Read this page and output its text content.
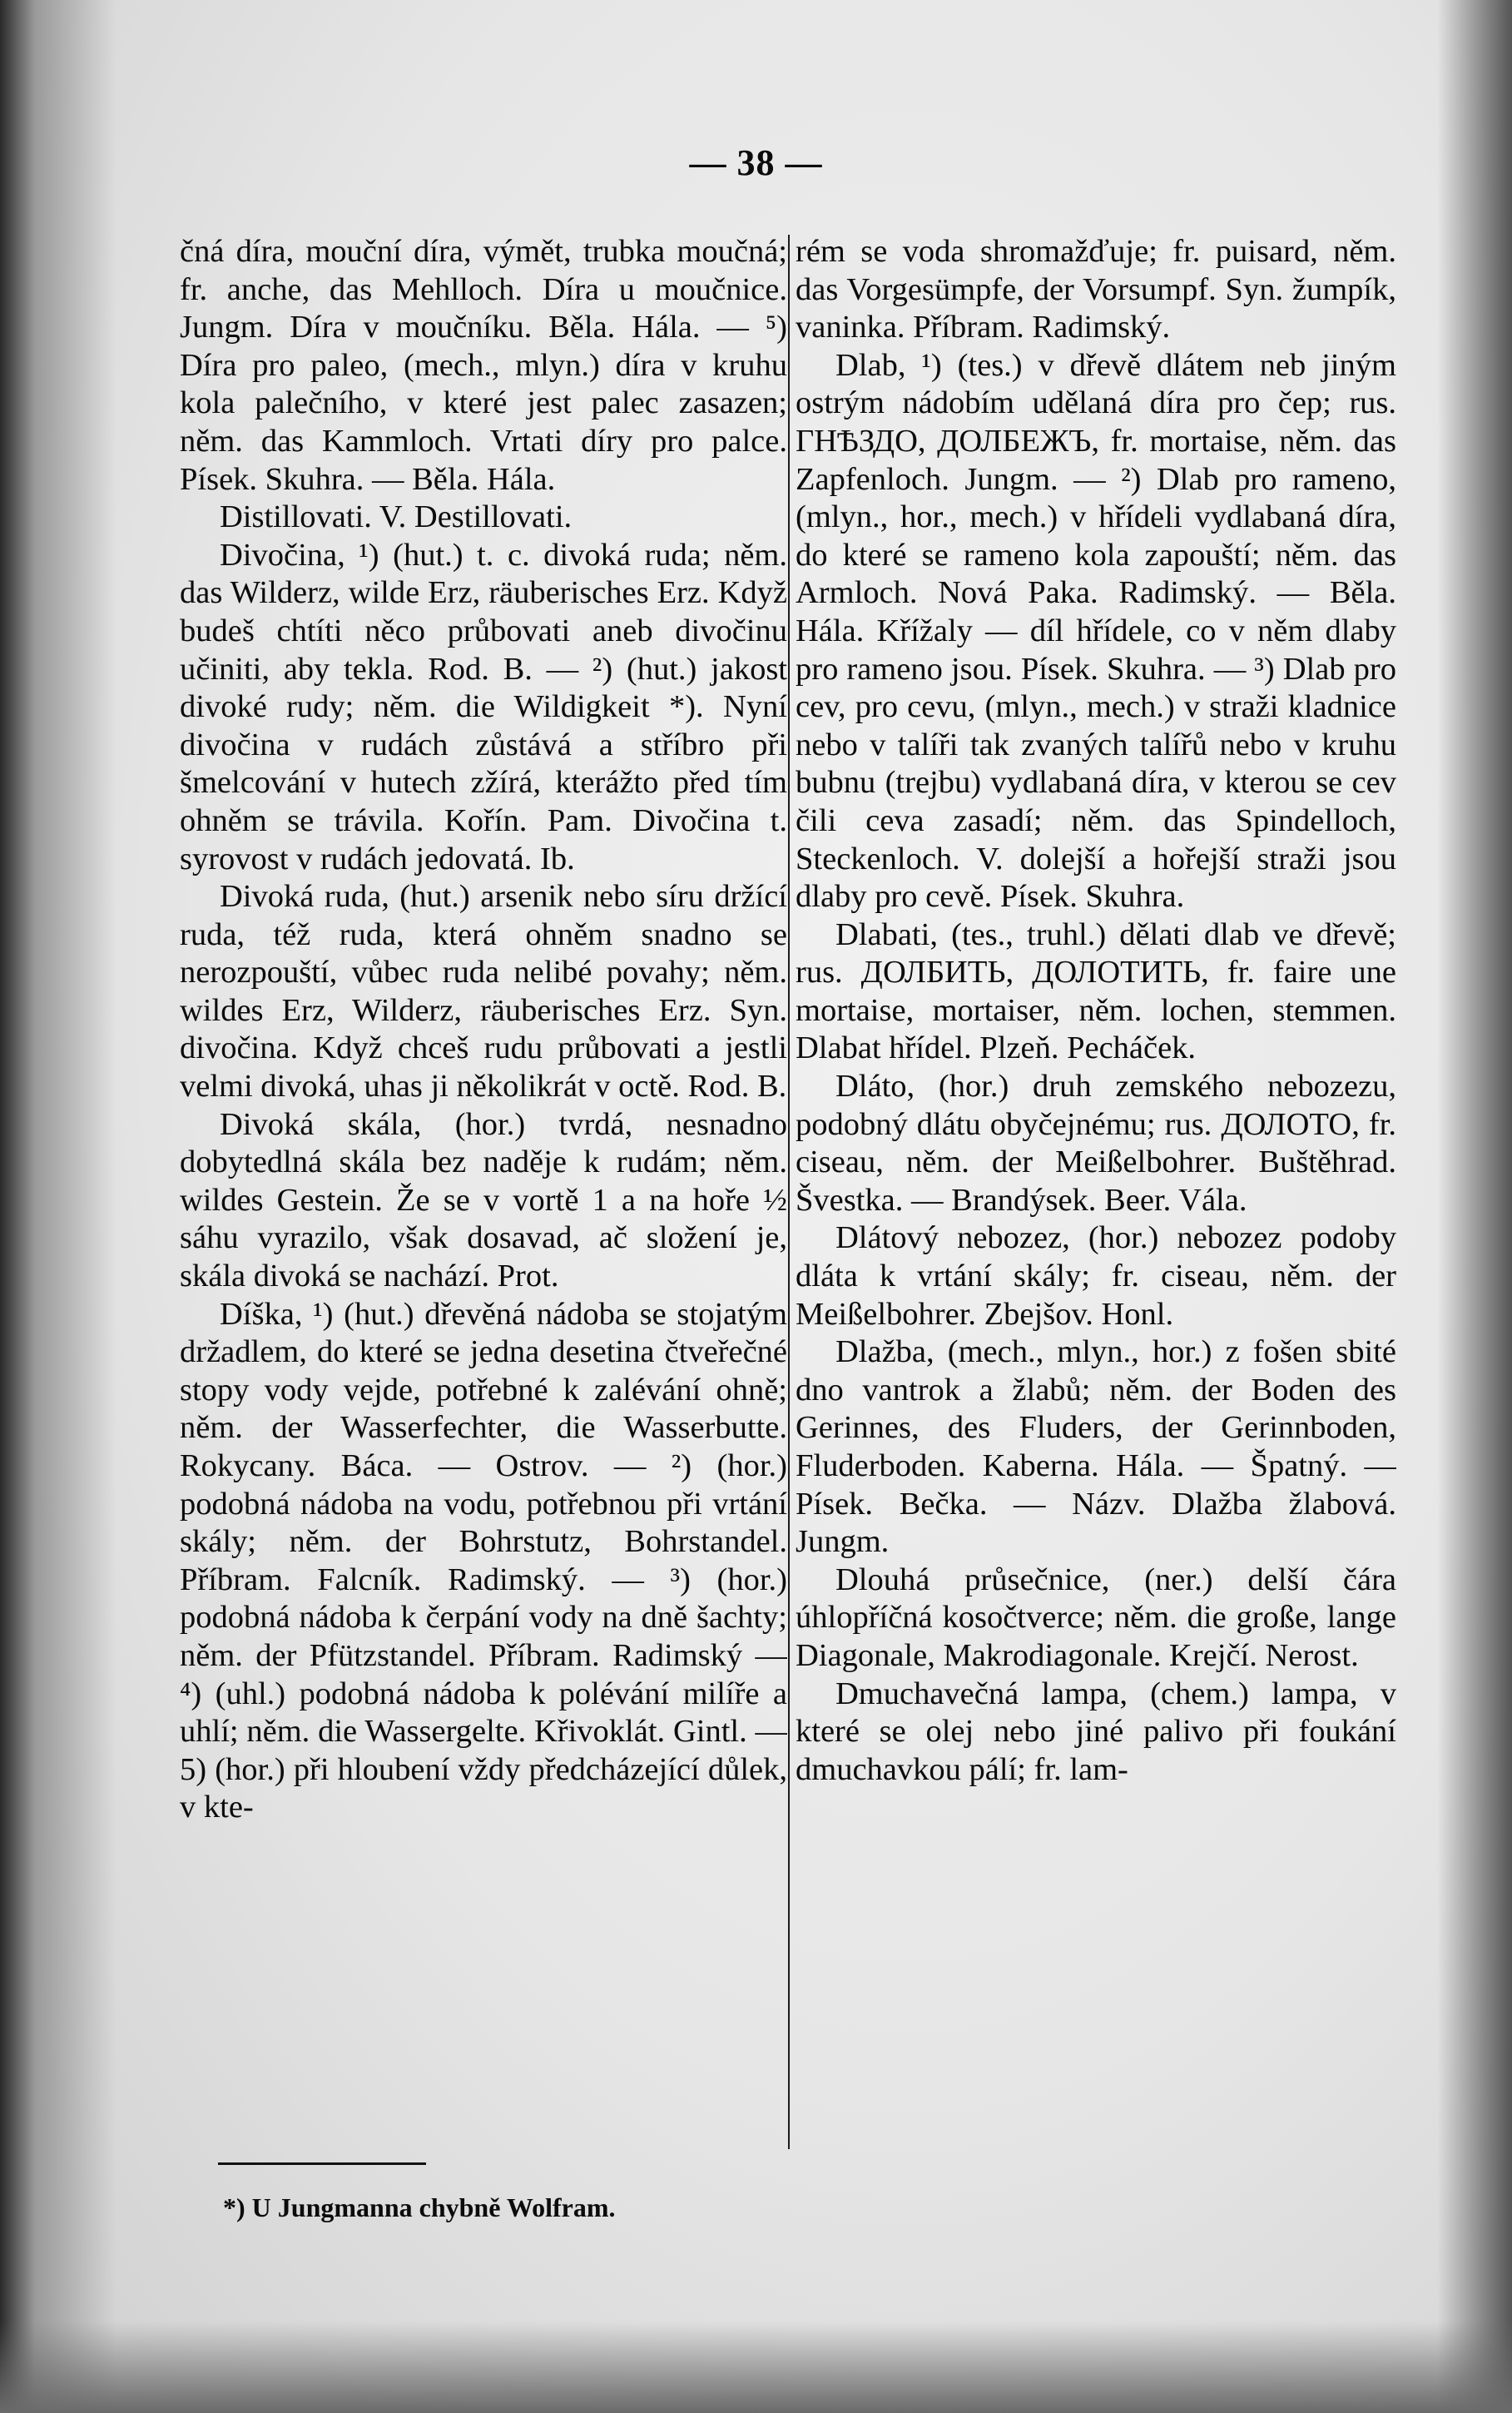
— 38 —

čná díra, mouční díra, výmět, trubka moučná; fr. anche, das Mehlloch. Díra u moučnice. Jungm. Díra v moučníku. Běla. Hála. — ⁵) Díra pro paleo, (mech., mlyn.) díra v kruhu kola palečního, v které jest palec zasazen; něm. das Kammloch. Vrtati díry pro palce. Písek. Skuhra. — Běla. Hála.

Distillovati. V. Destillovati.

Divočina, ¹) (hut.) t. c. divoká ruda; něm. das Wilderz, wilde Erz, räuberisches Erz. Když budeš chtíti něco průbovati aneb divočinu učiniti, aby tekla. Rod. B. — ²) (hut.) jakost divoké rudy; něm. die Wildigkeit *). Nyní divočina v rudách zůstává a stříbro při šmelcování v hutech zžírá, kterážto před tím ohněm se trávila. Kořín. Pam. Divočina t. syrovost v rudách jedovatá. Ib.

Divoká ruda, (hut.) arsenik nebo síru držící ruda, též ruda, která ohněm snadno se nerozpouští, vůbec ruda nelibé povahy; něm. wildes Erz, Wilderz, räuberisches Erz. Syn. divočina. Když chceš rudu průbovati a jestli velmi divoká, uhas ji několikrát v octě. Rod. B.

Divoká skála, (hor.) tvrdá, nesnadno dobytedlná skála bez naděje k rudám; něm. wildes Gestein. Že se v vortě 1 a na hoře ½ sáhu vyrazilo, však dosavad, ač složení je, skála divoká se nachází. Prot.

Díška, ¹) (hut.) dřevěná nádoba se stojatým držadlem, do které se jedna desetina čtveřečné stopy vody vejde, potřebné k zalévání ohně; něm. der Wasserfechter, die Wasserbutte. Rokycany. Báca. — Ostrov. — ²) (hor.) podobná nádoba na vodu, potřebnou při vrtání skály; něm. der Bohrstutz, Bohrstandel. Příbram. Falcník. Radimský. — ³) (hor.) podobná nádoba k čerpání vody na dně šachty; něm. der Pfützstandel. Příbram. Radimský — ⁴) (uhl.) podobná nádoba k polévání milíře a uhlí; něm. die Wassergelte. Křivoklát. Gintl. — 5) (hor.) při hloubení vždy předcházející důlek, v kte-

rém se voda shromažďuje; fr. puisard, něm. das Vorgesümpfe, der Vorsumpf. Syn. žumpík, vaninka. Příbram. Radimský.

Dlab, ¹) (tes.) v dřevě dlátem neb jiným ostrým nádobím udělaná díra pro čep; rus. ГНѢЗДО, ДОЛБЕЖЪ, fr. mortaise, něm. das Zapfenloch. Jungm. — ²) Dlab pro rameno, (mlyn., hor., mech.) v hřídeli vydlabaná díra, do které se rameno kola zapouští; něm. das Armloch. Nová Paka. Radimský. — Běla. Hála. Křížaly — díl hřídele, co v něm dlaby pro rameno jsou. Písek. Skuhra. — ³) Dlab pro cev, pro cevu, (mlyn., mech.) v straži kladnice nebo v talíři tak zvaných talířů nebo v kruhu bubnu (trejbu) vydlabaná díra, v kterou se cev čili ceva zasadí; něm. das Spindelloch, Steckenloch. V. dolejší a hořejší straži jsou dlaby pro cevě. Písek. Skuhra.

Dlabati, (tes., truhl.) dělati dlab ve dřevě; rus. ДОЛБИТЬ, ДОЛОТИТЬ, fr. faire une mortaise, mortaiser, něm. lochen, stemmen. Dlabat hřídel. Plzeň. Pecháček.

Dláto, (hor.) druh zemského nebozezu, podobný dlátu obyčejnému; rus. ДОЛОТО, fr. ciseau, něm. der Meißelbohrer. Buštěhrad. Švestka. — Brandýsek. Beer. Vála.

Dlátový nebozez, (hor.) nebozez podoby dláta k vrtání skály; fr. ciseau, něm. der Meißelbohrer. Zbejšov. Honl.

Dlažba, (mech., mlyn., hor.) z fošen sbité dno vantrok a žlabů; něm. der Boden des Gerinnes, des Fluders, der Gerinnboden, Fluderboden. Kaberna. Hála. — Špatný. — Písek. Bečka. — Názv. Dlažba žlabová. Jungm.

Dlouhá průsečnice, (ner.) delší čára úhlopříčná kosočtverce; něm. die große, lange Diagonale, Makrodiagonale. Krejčí. Nerost.

Dmuchavečná lampa, (chem.) lampa, v které se olej nebo jiné palivo při foukání dmuchavkou pálí; fr. lam-

*) U Jungmanna chybně Wolfram.
